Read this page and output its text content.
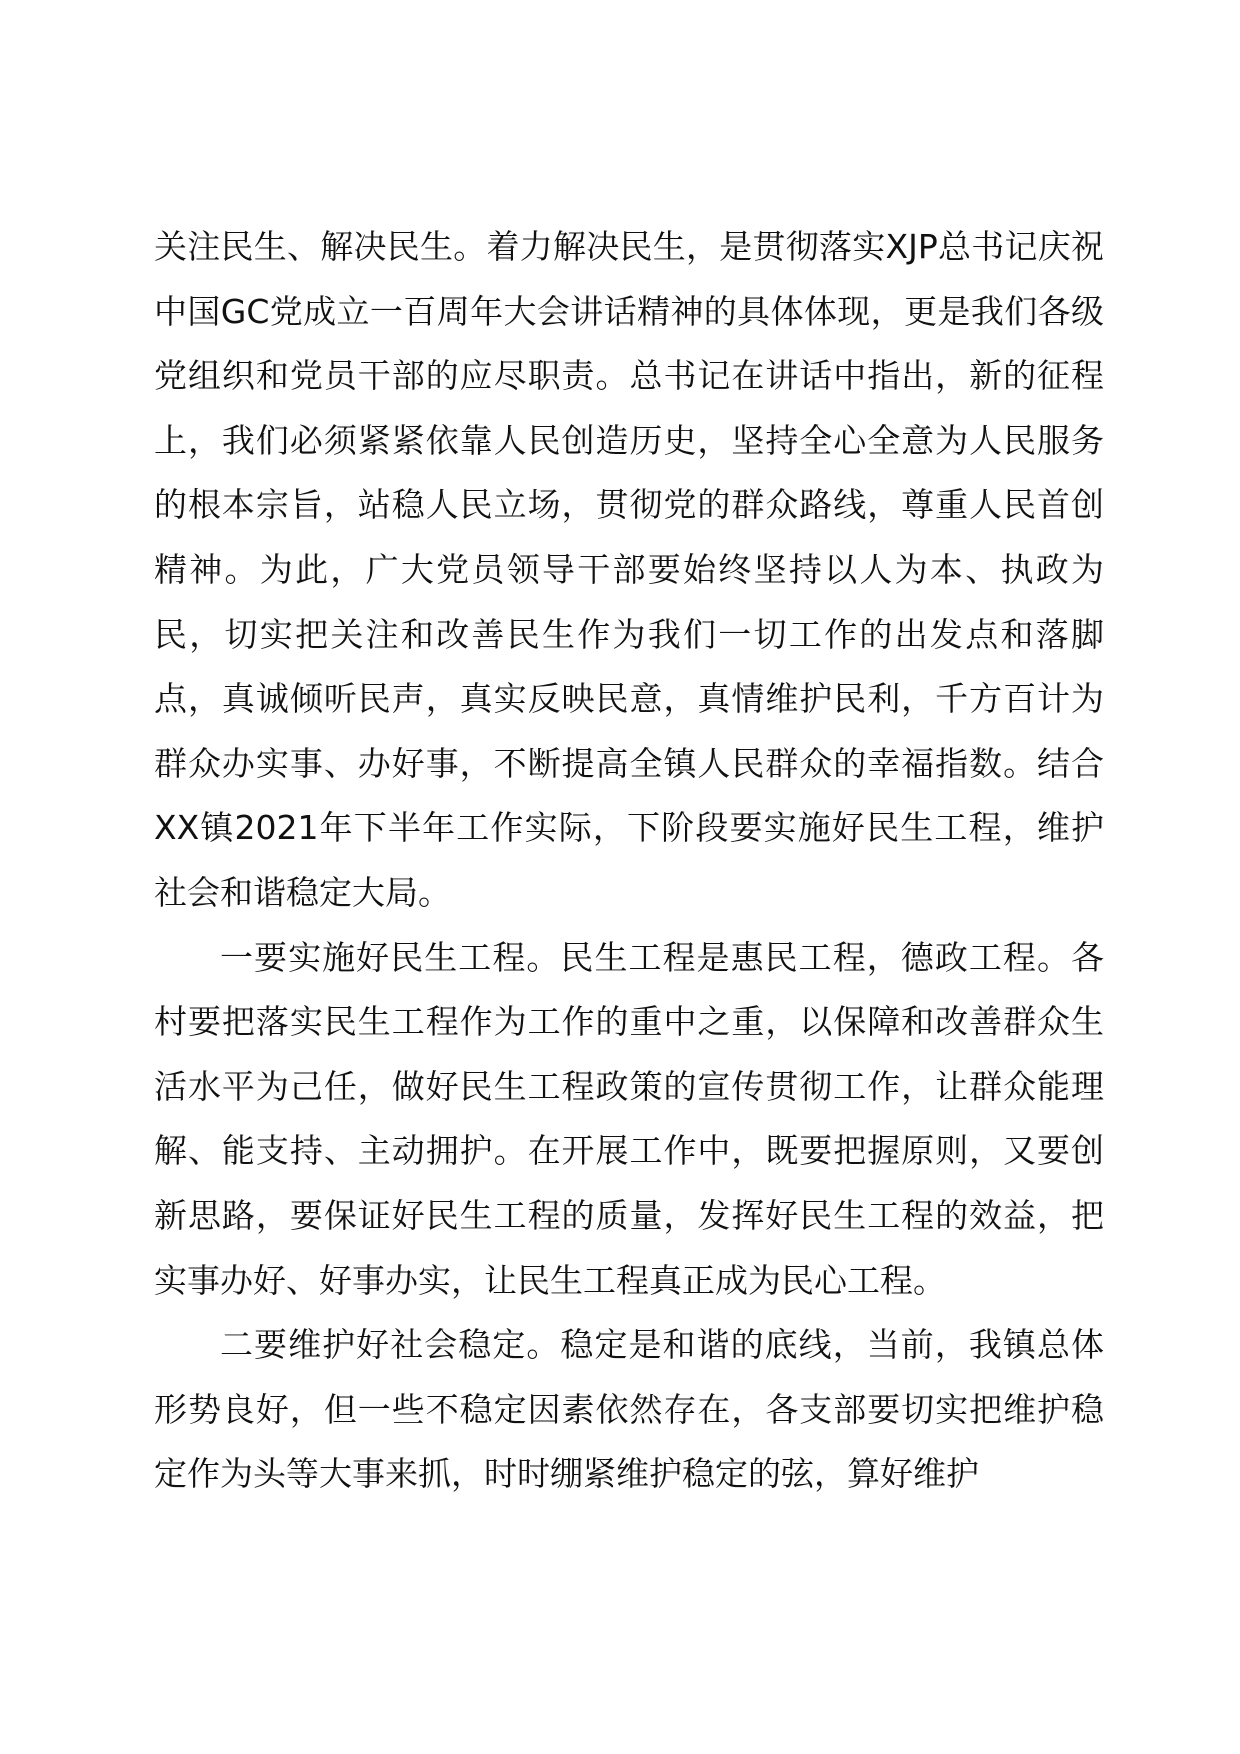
关注民生、解决民生。着力解决民生，是贯彻落实XJP总书记庆祝中国GC党成立一百周年大会讲话精神的具体体现，更是我们各级党组织和党员干部的应尽职责。总书记在讲话中指出，新的征程上，我们必须紧紧依靠人民创造历史，坚持全心全意为人民服务的根本宗旨，站稳人民立场，贯彻党的群众路线，尊重人民首创精神。为此，广大党员领导干部要始终坚持以人为本、执政为民，切实把关注和改善民生作为我们一切工作的出发点和落脚点，真诚倾听民声，真实反映民意，真情维护民利，千方百计为群众办实事、办好事，不断提高全镇人民群众的幸福指数。结合XX镇2021年下半年工作实际，下阶段要实施好民生工程，维护社会和谐稳定大局。

一要实施好民生工程。民生工程是惠民工程，德政工程。各村要把落实民生工程作为工作的重中之重，以保障和改善群众生活水平为己任，做好民生工程政策的宣传贯彻工作，让群众能理解、能支持、主动拥护。在开展工作中，既要把握原则，又要创新思路，要保证好民生工程的质量，发挥好民生工程的效益，把实事办好、好事办实，让民生工程真正成为民心工程。

二要维护好社会稳定。稳定是和谐的底线，当前，我镇总体形势良好，但一些不稳定因素依然存在，各支部要切实把维护稳定作为头等大事来抓，时时绷紧维护稳定的弦，算好维护
